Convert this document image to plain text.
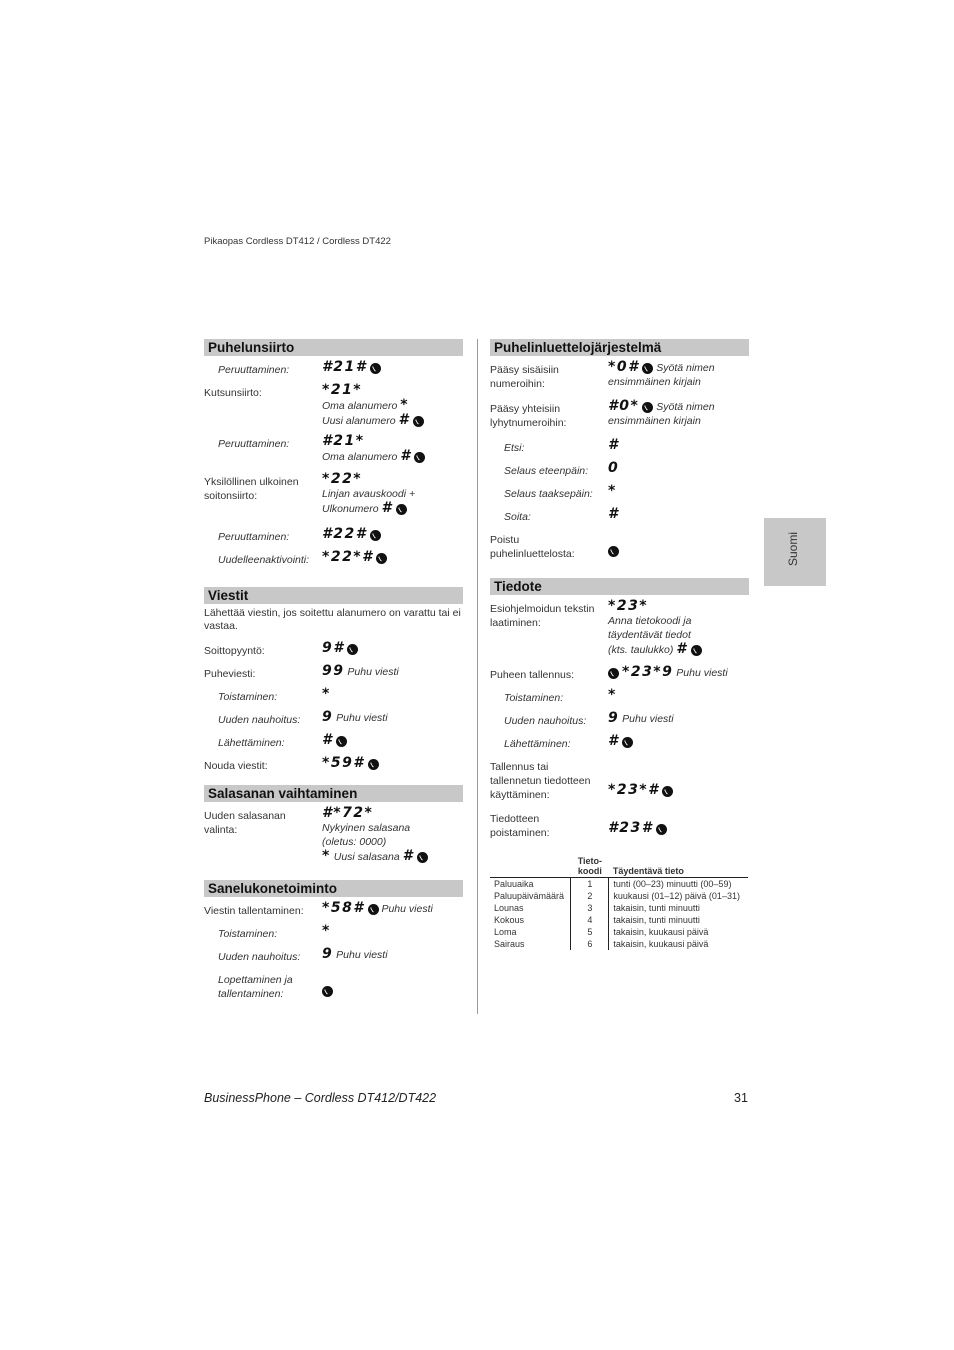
Pikaopas Cordless DT412 / Cordless DT422
Puhelunsiirto
Peruuttaminen:	#21#
Kutsunsiirto:	*21*
Oma alanumero *
Uusi alanumero #
Peruuttaminen:	#21*
Oma alanumero #
Yksilöllinen ulkoinen soitonsiirto:
*22*
Linjan avauskoodi +
Ulkonumero #
Peruuttaminen:	#22#
Uudelleenaktivointi: *22*#
Viestit
Lähettää viestin, jos soitettu alanumero on varattu tai ei vastaa.
Soittopyyntö:	9#
Puheviesti:	99 Puhu viesti
Toistaminen:	*
Uuden nauhoitus:	9 Puhu viesti
Lähettäminen:	#
Nouda viestit:	*59#
Salasanan vaihtaminen
Uuden salasanan valinta:
#*72*
Nykyinen salasana
(oletus: 0000)
* Uusi salasana #
Sanelukonetoiminto
Viestin tallentaminen:	*58# Puhu viesti
Toistaminen:	*
Uuden nauhoitus:	9 Puhu viesti
Lopettaminen ja tallentaminen:
Puhelinluettelojärjestelmä
Pääsy sisäisiin numeroihin:
*0# Syötä nimen
ensimmäinen kirjain
Pääsy yhteisiin lyhytnumeroihin:
#0* Syötä nimen
ensimmäinen kirjain
Etsi:	#
Selaus eteenpäin:	0
Selaus taaksepäin:	*
Soita:	#
Poistu puhelinluettelosta:
Tiedote
Esiohjelmoidun tekstin laatiminen:
*23*
Anna tietokoodi ja
täydentävät tiedot
(kts. taulukko) #
Puheen tallennus:	*23*9 Puhu viesti
Toistaminen:	*
Uuden nauhoitus:	9 Puhu viesti
Lähettäminen:	#
Tallennus tai tallennetun tiedotteen käyttäminen:	*23*#
Tiedotteen poistaminen:	#23#
	Tieto-koodi	Täydentävä tieto
Paluuaika	1	tunti (00–23) minuutti (00–59)
Paluupäivämäärä	2	kuukausi (01–12) päivä (01–31)
Lounas	3	takaisin, tunti minuutti
Kokous	4	takaisin, tunti minuutti
Loma	5	takaisin, kuukausi päivä
Sairaus	6	takaisin, kuukausi päivä
Suomi
BusinessPhone – Cordless DT412/DT422	31
